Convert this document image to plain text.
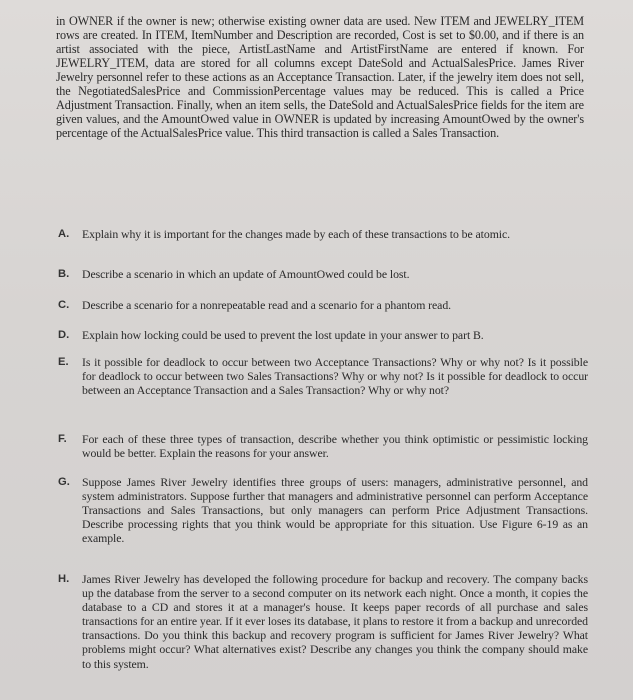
in OWNER if the owner is new; otherwise existing owner data are used. New ITEM and JEWELRY_ITEM rows are created. In ITEM, ItemNumber and Description are recorded, Cost is set to $0.00, and if there is an artist associated with the piece, ArtistLastName and ArtistFirstName are entered if known. For JEWELRY_ITEM, data are stored for all columns except DateSold and ActualSalesPrice. James River Jewelry personnel refer to these actions as an Acceptance Transaction. Later, if the jewelry item does not sell, the NegotiatedSalesPrice and CommissionPercentage values may be reduced. This is called a Price Adjustment Transaction. Finally, when an item sells, the DateSold and ActualSalesPrice fields for the item are given values, and the AmountOwed value in OWNER is updated by increasing AmountOwed by the owner's percentage of the ActualSalesPrice value. This third transaction is called a Sales Transaction.

A.	Explain why it is important for the changes made by each of these transactions to be atomic.
B.	Describe a scenario in which an update of AmountOwed could be lost.
C.	Describe a scenario for a nonrepeatable read and a scenario for a phantom read.
D.	Explain how locking could be used to prevent the lost update in your answer to part B.
E.	Is it possible for deadlock to occur between two Acceptance Transactions? Why or why not? Is it possible for deadlock to occur between two Sales Transactions? Why or why not? Is it possible for deadlock to occur between an Acceptance Transaction and a Sales Transaction? Why or why not?
F.	For each of these three types of transaction, describe whether you think optimistic or pessimistic locking would be better. Explain the reasons for your answer.
G.	Suppose James River Jewelry identifies three groups of users: managers, administrative personnel, and system administrators. Suppose further that managers and administrative personnel can perform Acceptance Transactions and Sales Transactions, but only managers can perform Price Adjustment Transactions. Describe processing rights that you think would be appropriate for this situation. Use Figure 6-19 as an example.
H.	James River Jewelry has developed the following procedure for backup and recovery. The company backs up the database from the server to a second computer on its network each night. Once a month, it copies the database to a CD and stores it at a manager's house. It keeps paper records of all purchase and sales transactions for an entire year. If it ever loses its database, it plans to restore it from a backup and unrecorded transactions. Do you think this backup and recovery program is sufficient for James River Jewelry? What problems might occur? What alternatives exist? Describe any changes you think the company should make to this system.
